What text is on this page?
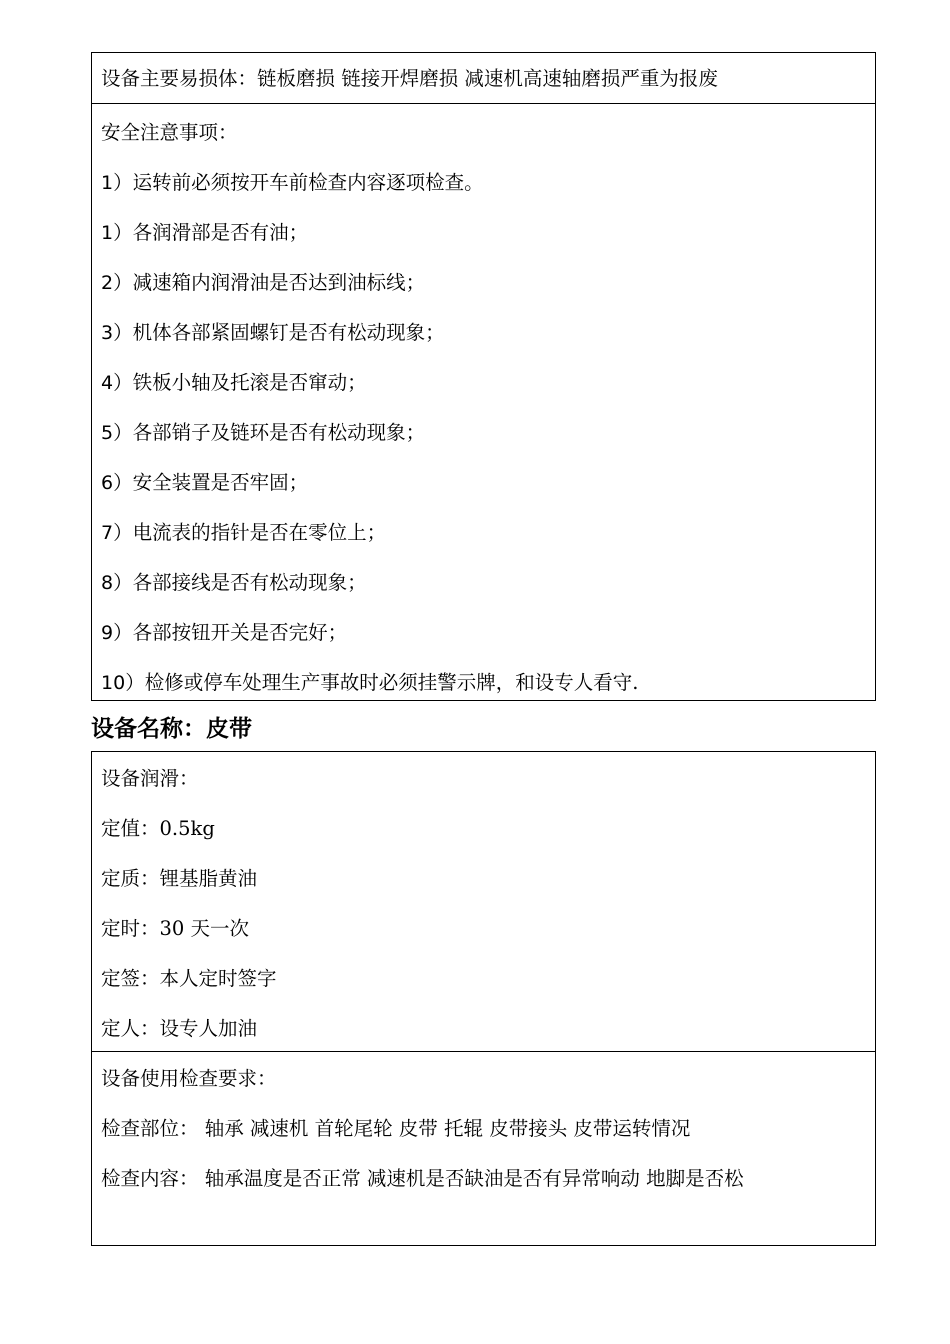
设备主要易损体：链板磨损 链接开焊磨损 减速机高速轴磨损严重为报废
安全注意事项：
1）运转前必须按开车前检查内容逐项检查。
1）各润滑部是否有油；
2）减速箱内润滑油是否达到油标线；
3）机体各部紧固螺钉是否有松动现象；
4）铁板小轴及托滚是否窜动；
5）各部销子及链环是否有松动现象；
6）安全装置是否牢固；
7）电流表的指针是否在零位上；
8）各部接线是否有松动现象；
9）各部按钮开关是否完好；
10）检修或停车处理生产事故时必须挂警示牌，和设专人看守.
设备名称：皮带
设备润滑：
定值：0.5kg
定质：锂基脂黄油
定时：30 天一次
定签：本人定时签字
定人：设专人加油
设备使用检查要求：
检查部位： 轴承 减速机 首轮尾轮 皮带 托辊 皮带接头 皮带运转情况
检查内容： 轴承温度是否正常 减速机是否缺油是否有异常响动 地脚是否松
